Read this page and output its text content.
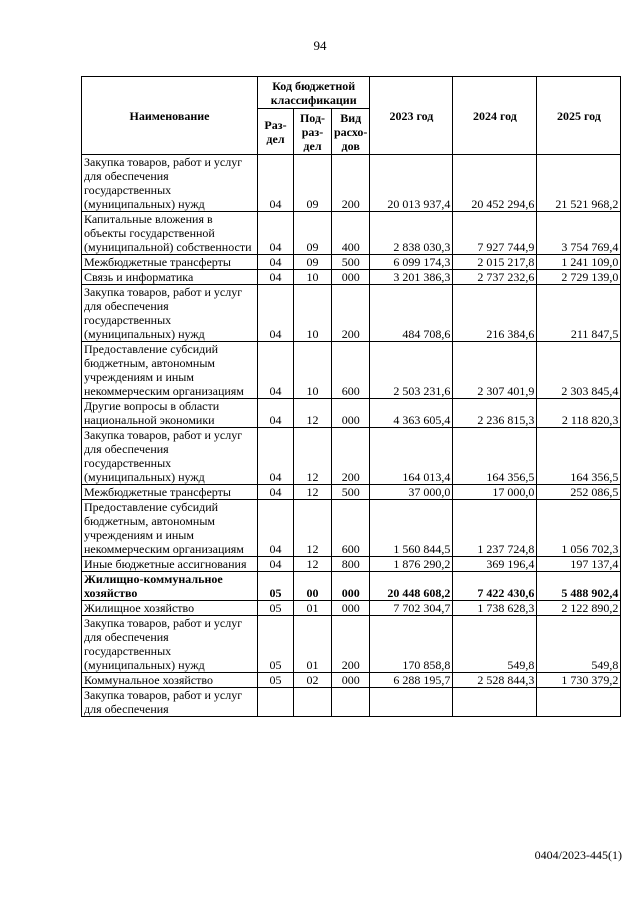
94
Наименование	Код бюджетной классификации			2023 год	2024 год	2025 год
	Раз-дел	Под-раз-дел	Вид расхо-дов			
Закупка товаров, работ и услуг для обеспечения государственных (муниципальных) нужд	04	09	200	20 013 937,4	20 452 294,6	21 521 968,2
Капитальные вложения в объекты государственной (муниципальной) собственности	04	09	400	2 838 030,3	7 927 744,9	3 754 769,4
Межбюджетные трансферты	04	09	500	6 099 174,3	2 015 217,8	1 241 109,0
Связь и информатика	04	10	000	3 201 386,3	2 737 232,6	2 729 139,0
Закупка товаров, работ и услуг для обеспечения государственных (муниципальных) нужд	04	10	200	484 708,6	216 384,6	211 847,5
Предоставление субсидий бюджетным, автономным учреждениям и иным некоммерческим организациям	04	10	600	2 503 231,6	2 307 401,9	2 303 845,4
Другие вопросы в области национальной экономики	04	12	000	4 363 605,4	2 236 815,3	2 118 820,3
Закупка товаров, работ и услуг для обеспечения государственных (муниципальных) нужд	04	12	200	164 013,4	164 356,5	164 356,5
Межбюджетные трансферты	04	12	500	37 000,0	17 000,0	252 086,5
Предоставление субсидий бюджетным, автономным учреждениям и иным некоммерческим организациям	04	12	600	1 560 844,5	1 237 724,8	1 056 702,3
Иные бюджетные ассигнования	04	12	800	1 876 290,2	369 196,4	197 137,4
Жилищно-коммунальное хозяйство	05	00	000	20 448 608,2	7 422 430,6	5 488 902,4
Жилищное хозяйство	05	01	000	7 702 304,7	1 738 628,3	2 122 890,2
Закупка товаров, работ и услуг для обеспечения государственных (муниципальных) нужд	05	01	200	170 858,8	549,8	549,8
Коммунальное хозяйство	05	02	000	6 288 195,7	2 528 844,3	1 730 379,2
Закупка товаров, работ и услуг для обеспечения						
0404/2023-445(1)
